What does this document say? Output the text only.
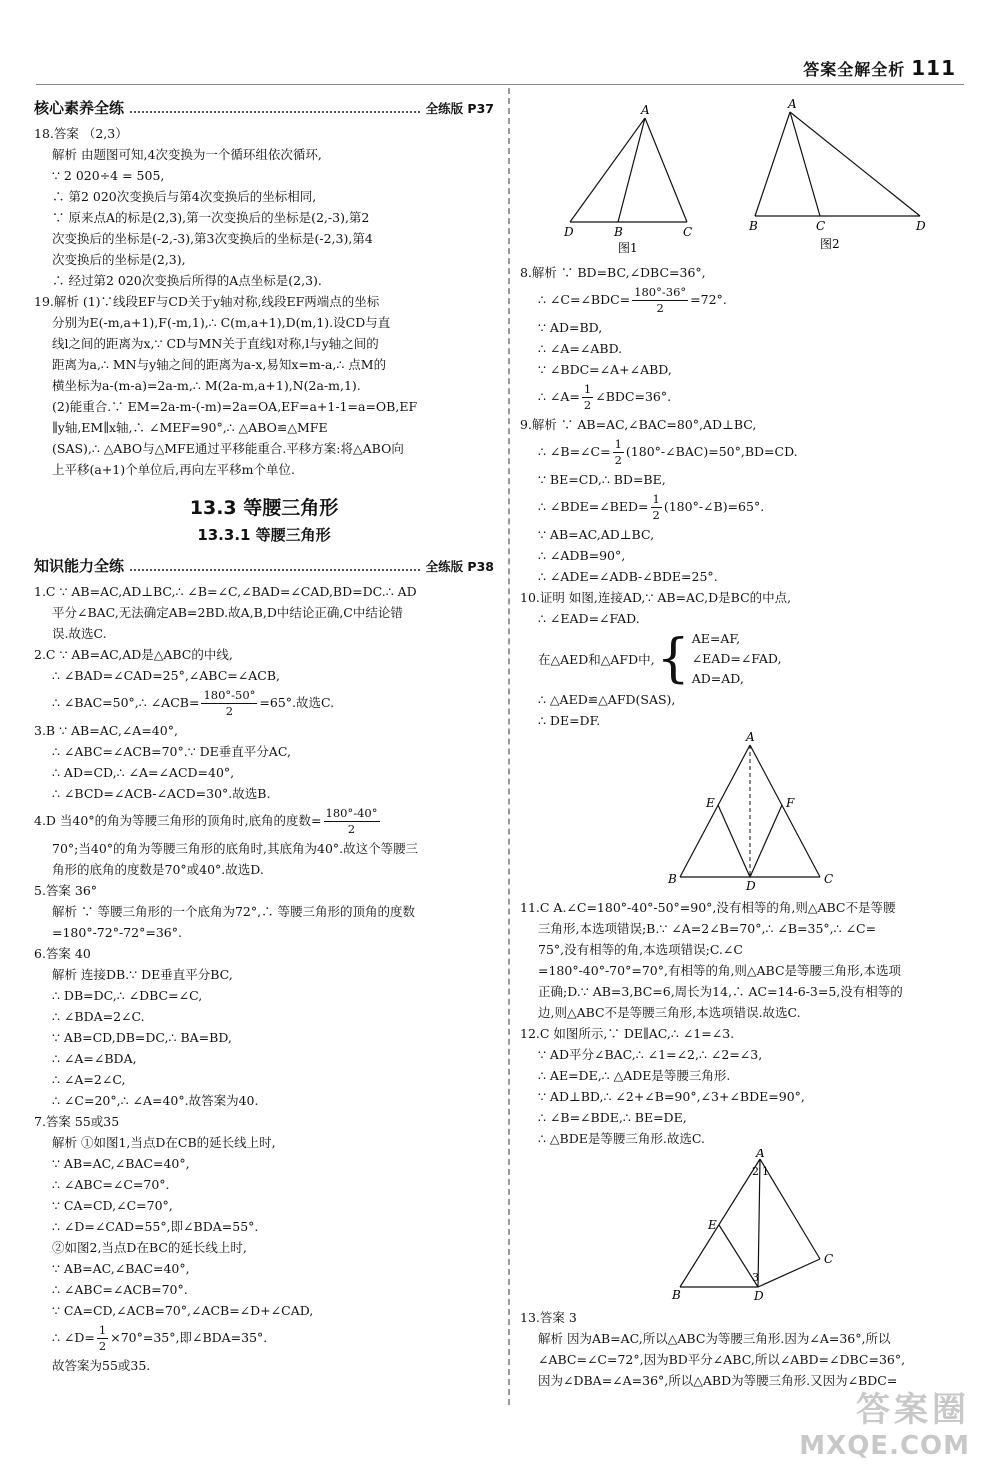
答案全解全析 111
核心素养全练	全练版 P37
18.答案 （2,3）
解析 由题图可知,4次变换为一个循环组依次循环,
∵ 2 020÷4 = 505,
∴ 第2 020次变换后与第4次变换后的坐标相同,
∵ 原来点A的标是(2,3),第一次变换后的坐标是(2,-3),第2
次变换后的坐标是(-2,-3),第3次变换后的坐标是(-2,3),第4
次变换后的坐标是(2,3),
∴ 经过第2 020次变换后所得的A点坐标是(2,3).
19.解析 (1)∵线段EF与CD关于y轴对称,线段EF两端点的坐标
分别为E(-m,a+1),F(-m,1),∴ C(m,a+1),D(m,1).设CD与直
线l之间的距离为x,∵ CD与MN关于直线l对称,l与y轴之间的
距离为a,∴ MN与y轴之间的距离为a-x,易知x=m-a,∴ 点M的
横坐标为a-(m-a)=2a-m,∴ M(2a-m,a+1),N(2a-m,1).
(2)能重合.∵ EM=2a-m-(-m)=2a=OA,EF=a+1-1=a=OB,EF
∥y轴,EM∥x轴,∴ ∠MEF=90°,∴ △ABO≌△MFE
(SAS),∴ △ABO与△MFE通过平移能重合.平移方案:将△ABO向
上平移(a+1)个单位后,再向左平移m个单位.
13.3 等腰三角形
13.3.1 等腰三角形
知识能力全练	全练版 P38
1.C ∵ AB=AC,AD⊥BC,∴ ∠B=∠C,∠BAD=∠CAD,BD=DC.∴ AD
平分∠BAC,无法确定AB=2BD.故A,B,D中结论正确,C中结论错
误.故选C.
2.C ∵ AB=AC,AD是△ABC的中线,
∴ ∠BAD=∠CAD=25°,∠ABC=∠ACB,
∴ ∠BAC=50°,∴ ∠ACB= $\frac{180^\circ-50^\circ}{2} =65^\circ$.故选C.
3.B ∵ AB=AC,∠A=40°,
∴ ∠ABC=∠ACB=70°.∵ DE垂直平分AC,
∴ AD=CD,∴ ∠A=∠ACD=40°,
∴ ∠BCD=∠ACB-∠ACD=30°.故选B.
4.D 当40°的角为等腰三角形的顶角时,底角的度数= $\frac{180^\circ-40^\circ}{2}$
70°;当40°的角为等腰三角形的底角时,其底角为40°.故这个等腰三
角形的底角的度数是70°或40°.故选D.
5.答案 36°
解析 ∵ 等腰三角形的一个底角为72°,∴ 等腰三角形的顶角的度数
=180°-72°-72°=36°.
6.答案 40
解析 连接DB.∵ DE垂直平分BC,
∴ DB=DC,∴ ∠DBC=∠C,
∴ ∠BDA=2∠C.
∵ AB=CD,DB=DC,∴ BA=BD,
∴ ∠A=∠BDA,
∴ ∠A=2∠C,
∴ ∠C=20°,∴ ∠A=40°.故答案为40.
7.答案 55或35
解析 ①如图1,当点D在CB的延长线上时,
∵ AB=AC,∠BAC=40°,
∴ ∠ABC=∠C=70°.
∵ CA=CD,∠C=70°,
∴ ∠D=∠CAD=55°,即∠BDA=55°.
②如图2,当点D在BC的延长线上时,
∵ AB=AC,∠BAC=40°,
∴ ∠ABC=∠ACB=70°.
∵ CA=CD,∠ACB=70°,∠ACB=∠D+∠CAD,
∴ ∠D= $\frac{1}{2} \times 70^\circ=35^\circ$,即∠BDA=35°.
故答案为55或35.
A
D	B	C
图1
A
B	C	D
图2
8.解析 ∵ BD=BC,∠DBC=36°,
∴ ∠C=∠BDC= $\frac{180^\circ-36^\circ}{2} =72^\circ$.
∵ AD=BD,
∴ ∠A=∠ABD.
∵ ∠BDC=∠A+∠ABD,
∴ ∠A= $\frac{1}{2}$ ∠BDC=36°.
9.解析 ∵ AB=AC,∠BAC=80°,AD⊥BC,
∴ ∠B=∠C= $\frac{1}{2}$ (180°-∠BAC)=50°,BD=CD.
∵ BE=CD,∴ BD=BE,
∴ ∠BDE=∠BED= $\frac{1}{2}$ (180°-∠B)=65°.
∵ AB=AC,AD⊥BC,
∴ ∠ADB=90°,
∴ ∠ADE=∠ADB-∠BDE=25°.
10.证明 如图,连接AD,∵ AB=AC,D是BC的中点,
∴ ∠EAD=∠FAD.
在△AED和△AFD中, { AE=AF,
∠EAD=∠FAD,
AD=AD,
∴ △AED≌△AFD(SAS),
∴ DE=DF.
A
E	F
B	D	C
11.C A.∠C=180°-40°-50°=90°,没有相等的角,则△ABC不是等腰
三角形,本选项错误;B.∵ ∠A=2∠B=70°,∴ ∠B=35°,∴ ∠C=
75°,没有相等的角,本选项错误;C.∠C
=180°-40°-70°=70°,有相等的角,则△ABC是等腰三角形,本选项
正确;D.∵ AB=3,BC=6,周长为14,∴ AC=14-6-3=5,没有相等的
边,则△ABC不是等腰三角形,本选项错误.故选C.
12.C 如图所示,∵ DE∥AC,∴ ∠1=∠3.
∵ AD平分∠BAC,∴ ∠1=∠2,∴ ∠2=∠3,
∴ AE=DE,∴ △ADE是等腰三角形.
∵ AD⊥BD,∴ ∠2+∠B=90°,∠3+∠BDE=90°,
∴ ∠B=∠BDE,∴ BE=DE,
∴ △BDE是等腰三角形.故选C.
A
2 1
E
3
C
B	D
13.答案 3
解析 因为AB=AC,所以△ABC为等腰三角形.因为∠A=36°,所以
∠ABC=∠C=72°,因为BD平分∠ABC,所以∠ABD=∠DBC=36°,
因为∠DBA=∠A=36°,所以△ABD为等腰三角形.又因为∠BDC=
答案圈
MXQE.COM
